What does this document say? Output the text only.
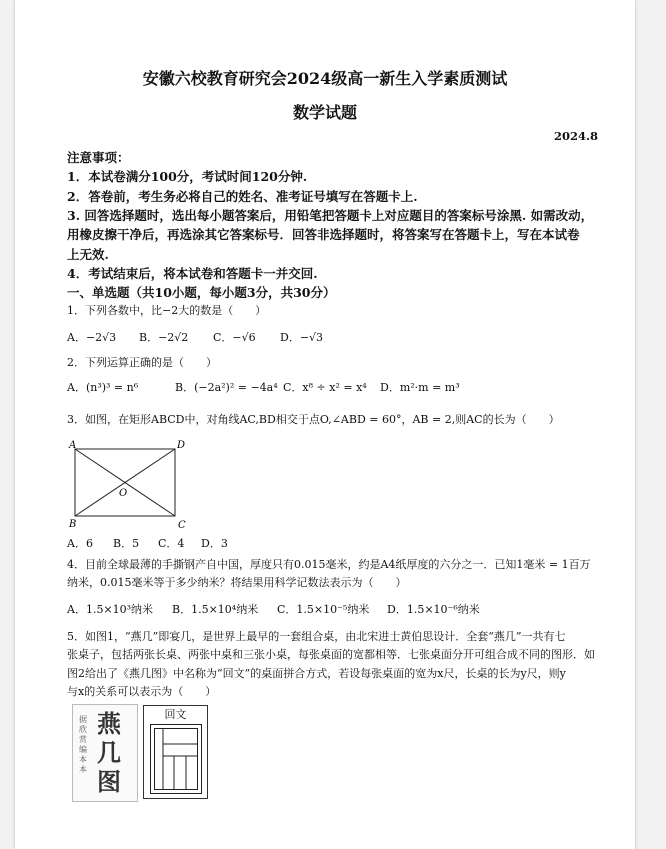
安徽六校教育研究会2024级高一新生入学素质测试
数学试题
2024.8
注意事项：
1．本试卷满分100分，考试时间120分钟.
2．答卷前，考生务必将自己的姓名、准考证号填写在答题卡上.
3. 回答选择题时，选出每小题答案后，用铅笔把答题卡上对应题目的答案标号涂黑. 如需改动，
用橡皮擦干净后，再选涂其它答案标号．回答非选择题时，将答案写在答题卡上，写在本试卷
上无效.
4．考试结束后，将本试卷和答题卡一并交回.
一、单选题（共10小题，每小题3分，共30分）
1．下列各数中，比−2大的数是（　　）
A．−2√3 B．−2√2 C．−√6 D．−√3
2．下列运算正确的是（　　）
A．(n³)³ = n⁶	B．(−2a²)² = −4a⁴ C．x⁸ ÷ x² = x⁴ D．m²·m = m³
3．如图，在矩形ABCD中，对角线AC,BD相交于点O,∠ABD = 60°，AB = 2,则AC的长为（　　）
A	D
O
B	C
A．6 B．5 C．4 D．3
4．目前全球最薄的手撕钢产自中国，厚度只有0.015毫米，约是A4纸厚度的六分之一．已知1毫米 = 1百万
纳米，0.015毫米等于多少纳米？将结果用科学记数法表示为（　　）
A．1.5×10³纳米 B．1.5×10⁴纳米 C．1.5×10⁻⁵纳米 D．1.5×10⁻⁶纳米
5．如图1，“燕几”即宴几，是世界上最早的一套组合桌，由北宋进士黄伯思设计．全套“燕几”一共有七
张桌子，包括两张长桌、两张中桌和三张小桌，每张桌面的宽都相等．七张桌面分开可组合成不同的图形．如
图2给出了《燕几图》中名称为“回文”的桌面拼合方式，若设每张桌面的宽为x尺，长桌的长为y尺，则y
与x的关系可以表示为（　　）
据欣赏编本本
燕
几
图
回文
